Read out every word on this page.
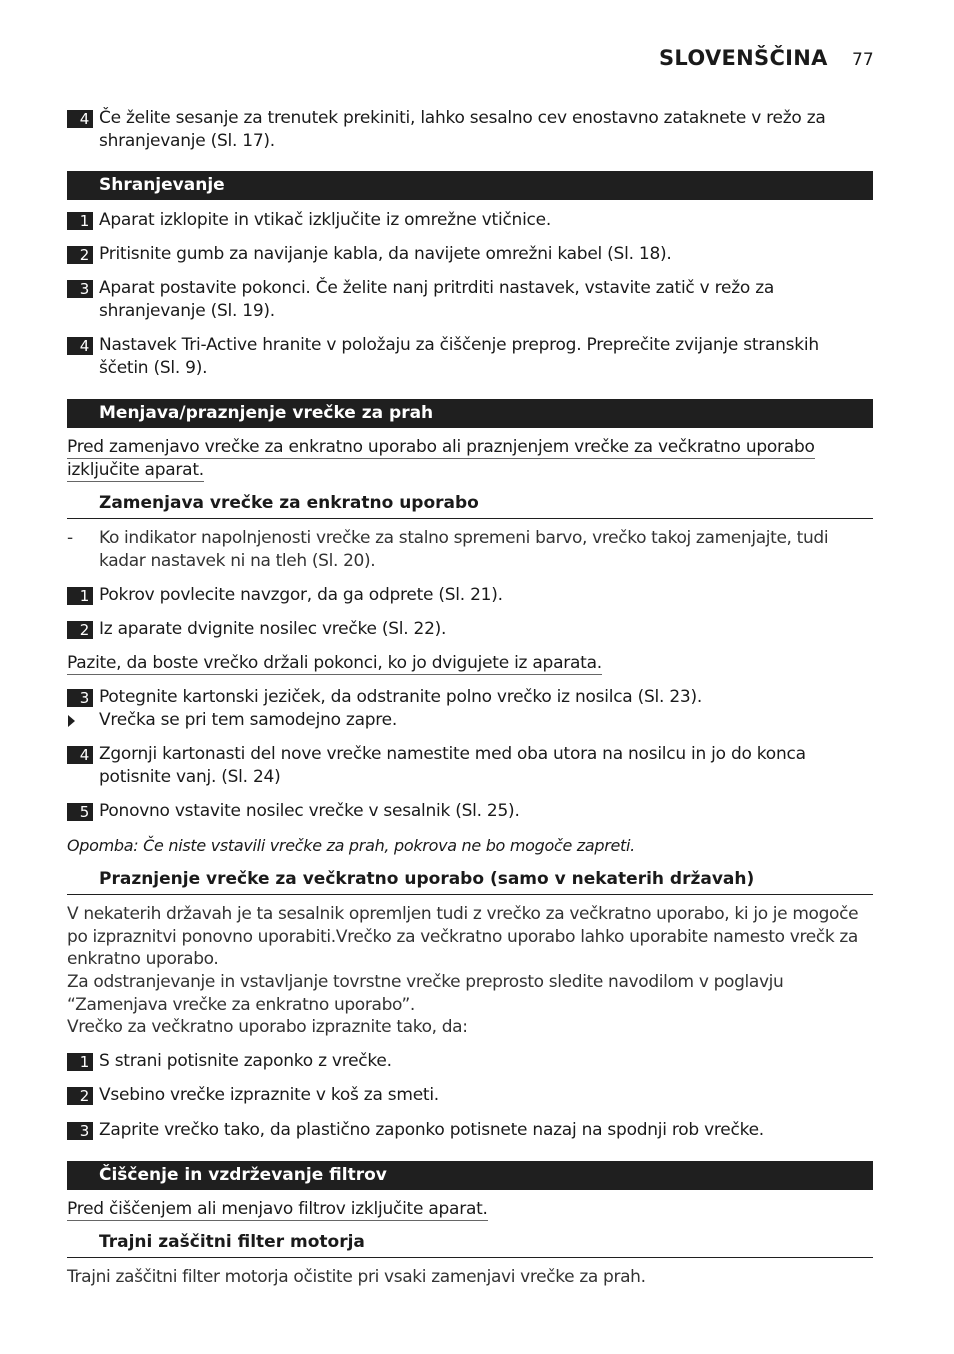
SLOVENŠČINA 77
4 Če želite sesanje za trenutek prekiniti, lahko sesalno cev enostavno zataknete v režo za shranjevanje (Sl. 17).
Shranjevanje
1 Aparat izklopite in vtikač izključite iz omrežne vtičnice.
2 Pritisnite gumb za navijanje kabla, da navijete omrežni kabel (Sl. 18).
3 Aparat postavite pokonci. Če želite nanj pritrditi nastavek, vstavite zatič v režo za shranjevanje (Sl. 19).
4 Nastavek Tri-Active hranite v položaju za čiščenje preprog. Preprečite zvijanje stranskih ščetin (Sl. 9).
Menjava/praznjenje vrečke za prah
Pred zamenjavo vrečke za enkratno uporabo ali praznjenjem vrečke za večkratno uporabo
izključite aparat.
Zamenjava vrečke za enkratno uporabo
- Ko indikator napolnjenosti vrečke za stalno spremeni barvo, vrečko takoj zamenjajte, tudi kadar nastavek ni na tleh (Sl. 20).
1 Pokrov povlecite navzgor, da ga odprete (Sl. 21).
2 Iz aparate dvignite nosilec vrečke (Sl. 22).
Pazite, da boste vrečko držali pokonci, ko jo dvigujete iz aparata.
3 Potegnite kartonski jeziček, da odstranite polno vrečko iz nosilca (Sl. 23).
Vrečka se pri tem samodejno zapre.
4 Zgornji kartonasti del nove vrečke namestite med oba utora na nosilcu in jo do konca potisnite vanj. (Sl. 24)
5 Ponovno vstavite nosilec vrečke v sesalnik (Sl. 25).
Opomba: Če niste vstavili vrečke za prah, pokrova ne bo mogoče zapreti.
Praznjenje vrečke za večkratno uporabo (samo v nekaterih državah)
V nekaterih državah je ta sesalnik opremljen tudi z vrečko za večkratno uporabo, ki jo je mogoče po izpraznitvi ponovno uporabiti.Vrečko za večkratno uporabo lahko uporabite namesto vrečk za enkratno uporabo.
Za odstranjevanje in vstavljanje tovrstne vrečke preprosto sledite navodilom v poglavju “Zamenjava vrečke za enkratno uporabo”.
Vrečko za večkratno uporabo izpraznite tako, da:
1 S strani potisnite zaponko z vrečke.
2 Vsebino vrečke izpraznite v koš za smeti.
3 Zaprite vrečko tako, da plastično zaponko potisnete nazaj na spodnji rob vrečke.
Čiščenje in vzdrževanje filtrov
Pred čiščenjem ali menjavo filtrov izključite aparat.
Trajni zaščitni filter motorja
Trajni zaščitni filter motorja očistite pri vsaki zamenjavi vrečke za prah.
